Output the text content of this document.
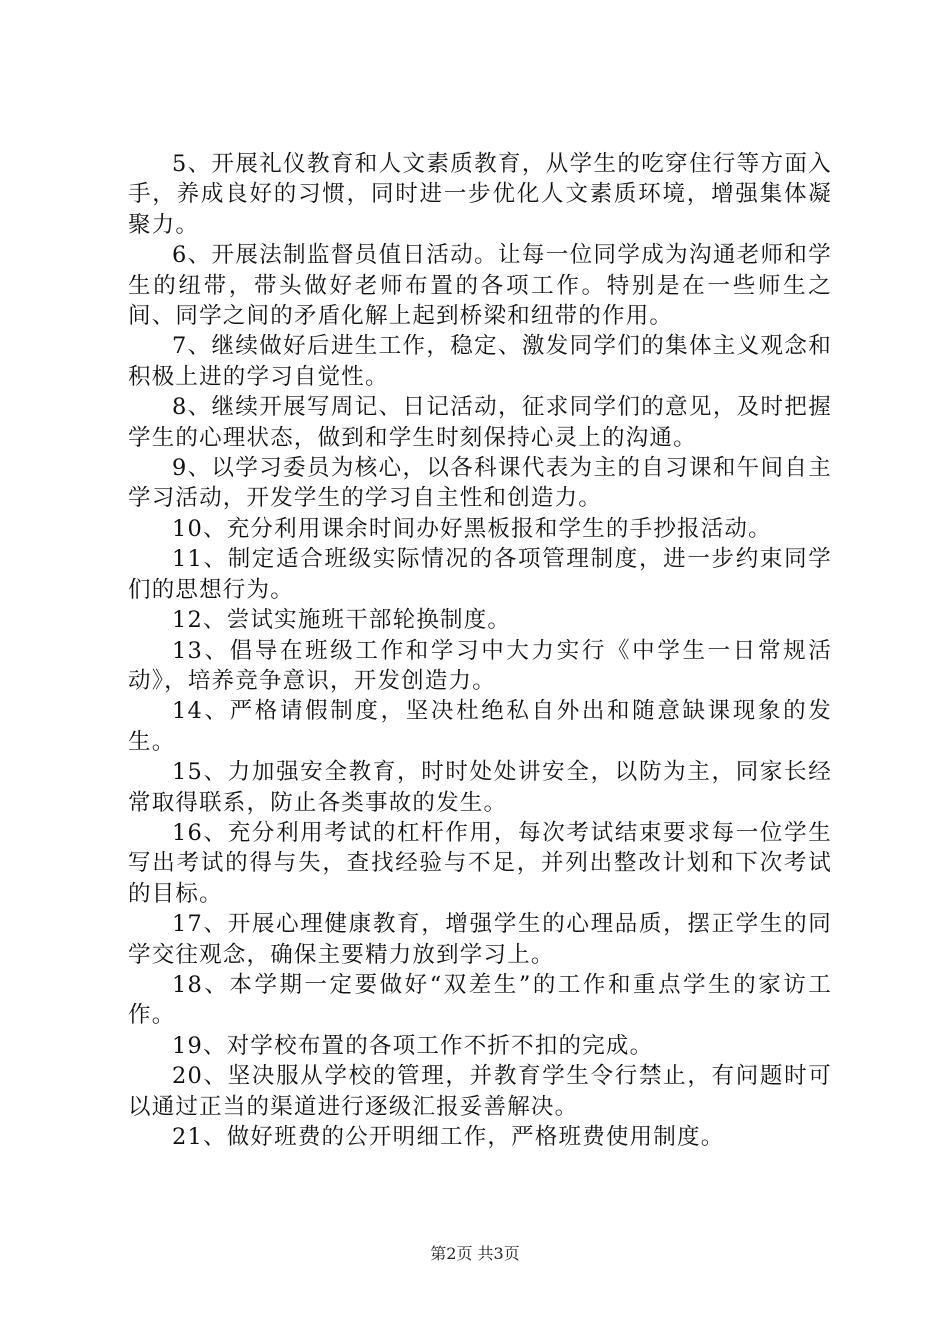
5、开展礼仪教育和人文素质教育，从学生的吃穿住行等方面入手，养成良好的习惯，同时进一步优化人文素质环境，增强集体凝聚力。

6、开展法制监督员值日活动。让每一位同学成为沟通老师和学生的纽带，带头做好老师布置的各项工作。特别是在一些师生之间、同学之间的矛盾化解上起到桥梁和纽带的作用。

7、继续做好后进生工作，稳定、激发同学们的集体主义观念和积极上进的学习自觉性。

8、继续开展写周记、日记活动，征求同学们的意见，及时把握学生的心理状态，做到和学生时刻保持心灵上的沟通。

9、以学习委员为核心，以各科课代表为主的自习课和午间自主学习活动，开发学生的学习自主性和创造力。

10、充分利用课余时间办好黑板报和学生的手抄报活动。

11、制定适合班级实际情况的各项管理制度，进一步约束同学们的思想行为。

12、尝试实施班干部轮换制度。

13、倡导在班级工作和学习中大力实行《中学生一日常规活动》，培养竞争意识，开发创造力。

14、严格请假制度，坚决杜绝私自外出和随意缺课现象的发生。

15、力加强安全教育，时时处处讲安全，以防为主，同家长经常取得联系，防止各类事故的发生。

16、充分利用考试的杠杆作用，每次考试结束要求每一位学生写出考试的得与失，查找经验与不足，并列出整改计划和下次考试的目标。

17、开展心理健康教育，增强学生的心理品质，摆正学生的同学交往观念，确保主要精力放到学习上。

18、本学期一定要做好“双差生”的工作和重点学生的家访工作。

19、对学校布置的各项工作不折不扣的完成。

20、坚决服从学校的管理，并教育学生令行禁止，有问题时可以通过正当的渠道进行逐级汇报妥善解决。

21、做好班费的公开明细工作，严格班费使用制度。

第2页 共3页
